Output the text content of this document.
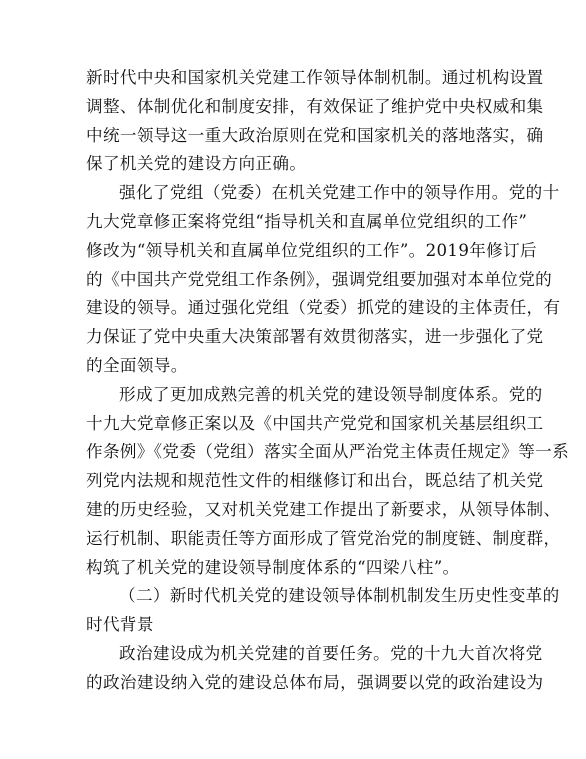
新时代中央和国家机关党建工作领导体制机制。通过机构设置
调整、体制优化和制度安排，有效保证了维护党中央权威和集
中统一领导这一重大政治原则在党和国家机关的落地落实，确
保了机关党的建设方向正确。
强化了党组（党委）在机关党建工作中的领导作用。党的十
九大党章修正案将党组“指导机关和直属单位党组织的工作”
修改为“领导机关和直属单位党组织的工作”。2019年修订后
的《中国共产党党组工作条例》，强调党组要加强对本单位党的
建设的领导。通过强化党组（党委）抓党的建设的主体责任，有
力保证了党中央重大决策部署有效贯彻落实，进一步强化了党
的全面领导。
形成了更加成熟完善的机关党的建设领导制度体系。党的
十九大党章修正案以及《中国共产党党和国家机关基层组织工
作条例》《党委（党组）落实全面从严治党主体责任规定》等一系
列党内法规和规范性文件的相继修订和出台，既总结了机关党
建的历史经验，又对机关党建工作提出了新要求，从领导体制、
运行机制、职能责任等方面形成了管党治党的制度链、制度群，
构筑了机关党的建设领导制度体系的“四梁八柱”。
（二）新时代机关党的建设领导体制机制发生历史性变革的
时代背景
政治建设成为机关党建的首要任务。党的十九大首次将党
的政治建设纳入党的建设总体布局，强调要以党的政治建设为
